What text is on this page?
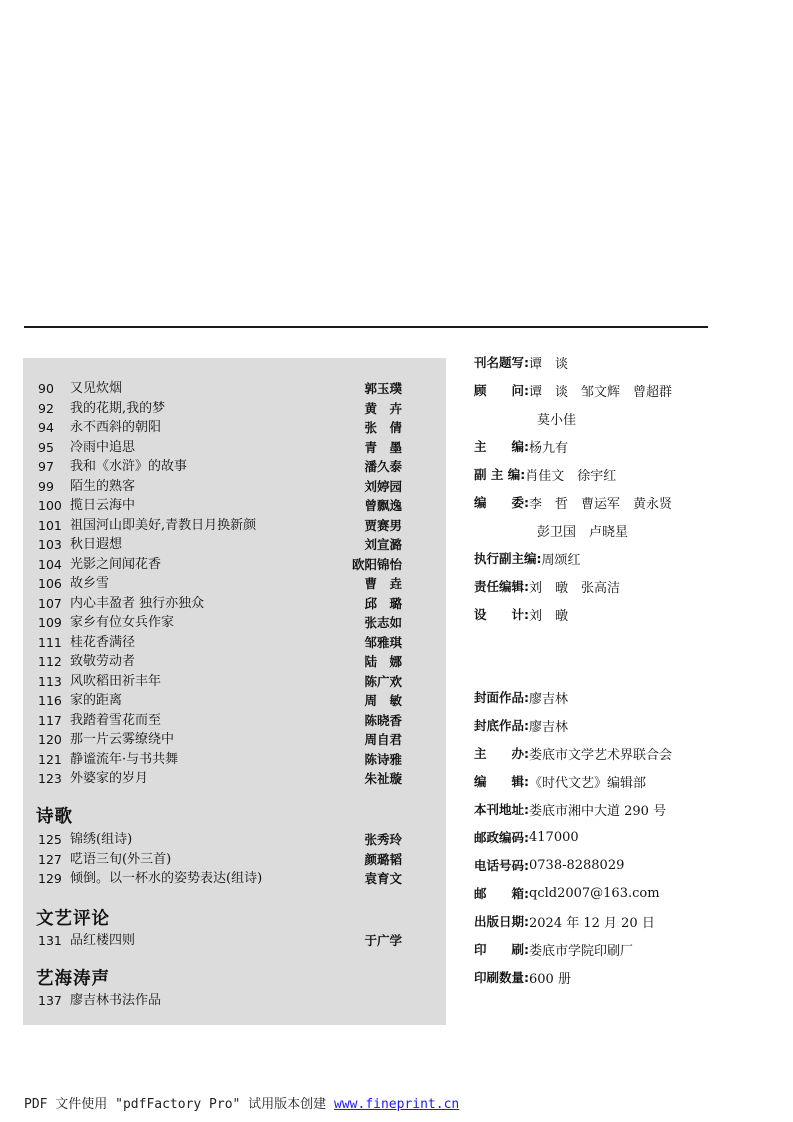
90	又见炊烟	郭玉璞
92	我的花期,我的梦	黄　卉
94	永不西斜的朝阳	张　倩
95	冷雨中追思	青　墨
97	我和《水浒》的故事	潘久泰
99	陌生的熟客	刘婷园
100 揽日云海中	曾飘逸
101 祖国河山即美好,青教日月换新颜	贾赛男
103 秋日遐想	刘宣潞
104 光影之间闻花香	欧阳锦怡
106 故乡雪	曹　垚
107 内心丰盈者 独行亦独众	邱　璐
109 家乡有位女兵作家	张志如
111 桂花香满径	邹雅琪
112 致敬劳动者	陆　娜
113 风吹稻田祈丰年	陈广欢
116 家的距离	周　敏
117 我踏着雪花而至	陈晓香
120 那一片云雾缭绕中	周自君
121 静谧流年·与书共舞	陈诗雅
123 外婆家的岁月	朱祉璇
诗歌
125 锦绣(组诗)	张秀玲
127 呓语三旬(外三首)	颜璐韬
129 倾倒。以一杯水的姿势表达(组诗)	袁育文
文艺评论
131 品红楼四则	于广学
艺海涛声
137 廖吉林书法作品
刊名题写: 谭　谈
顾　　问: 谭　谈　邹文辉　曾超群
莫小佳
主　　编: 杨九有
副 主 编: 肖佳文　徐宇红
编　　委: 李　哲　曹运军　黄永贤
彭卫国　卢晓星
执行副主编: 周颂红
责任编辑: 刘　暾　张高洁
设　　计: 刘　暾
封面作品: 廖吉林
封底作品: 廖吉林
主　　办: 娄底市文学艺术界联合会
编　　辑: 《时代文艺》编辑部
本刊地址: 娄底市湘中大道 290 号
邮政编码: 417000
电话号码: 0738-8288029
邮　　箱: qcld2007@163.com
出版日期: 2024 年 12 月 20 日
印　　刷: 娄底市学院印刷厂
印刷数量: 600 册
PDF 文件使用 "pdfFactory Pro" 试用版本创建 www.fineprint.cn
